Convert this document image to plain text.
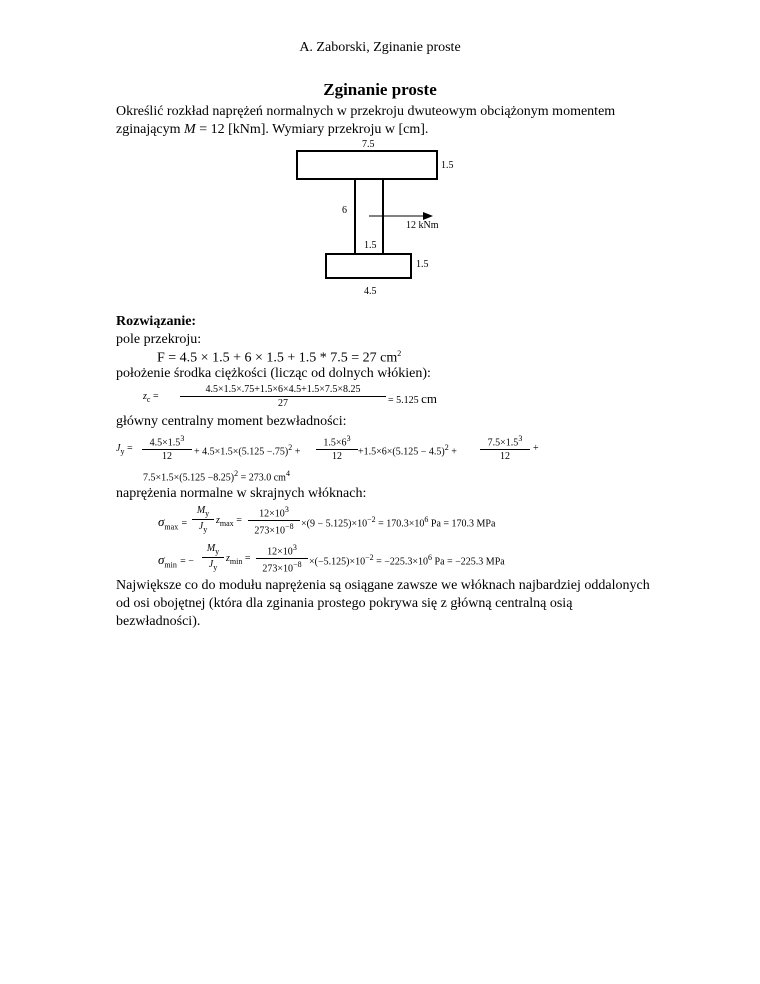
A. Zaborski, Zginanie proste
Zginanie proste
Określić rozkład naprężeń normalnych w przekroju dwuteowym obciążonym momentem
zginającym M = 12 [kNm]. Wymiary przekroju w [cm].
7.5
1.5
6
12 kNm
1.5
1.5
4.5
Rozwiązanie:
pole przekroju:
F = 4.5 × 1.5 + 6 × 1.5 + 1.5 * 7.5 = 27 $cm^2$
położenie środka ciężkości (licząc od dolnych włókien):
$z_c = \frac{4.5\times 1.5\times.75+1.5\times 6\times 4.5+1.5\times 7.5\times 8.25}{27} = 5.125$ cm
główny centralny moment bezwładności:
$J_y = \frac{4.5\times 1.5^3}{12} + 4.5\times 1.5\times(5.125 -.75)^2 + \frac{1.5\times 6^3}{12} +1.5\times 6\times(5.125 - 4.5)^2 + \frac{7.5\times 1.5^3}{12}$ +
$7.5\times 1.5\times(5.125 -8.25)^2 = 273.0$ $cm^4$
naprężenia normalne w skrajnych włóknach:
$\sigma_{max} = \frac{M_y}{J_y} z_{max} = \frac{12\times 10^3}{273\times 10^{-8}} \times(9 - 5.125)\times 10^{-2} = 170.3\times 10^6$ Pa = 170.3 MPa
$\sigma_{min}$ = − $\frac{M_y}{J_y} z_{min} = \frac{12\times 10^3}{273\times 10^{-8}} \times(-5.125)\times 10^{-2} = -225.3\times 10^6$ Pa = −225.3 MPa
Największe co do modułu naprężenia są osiągane zawsze we włóknach najbardziej oddalonych od osi obojętnej (która dla zginania prostego pokrywa się z główną centralną osią bezwładności).
